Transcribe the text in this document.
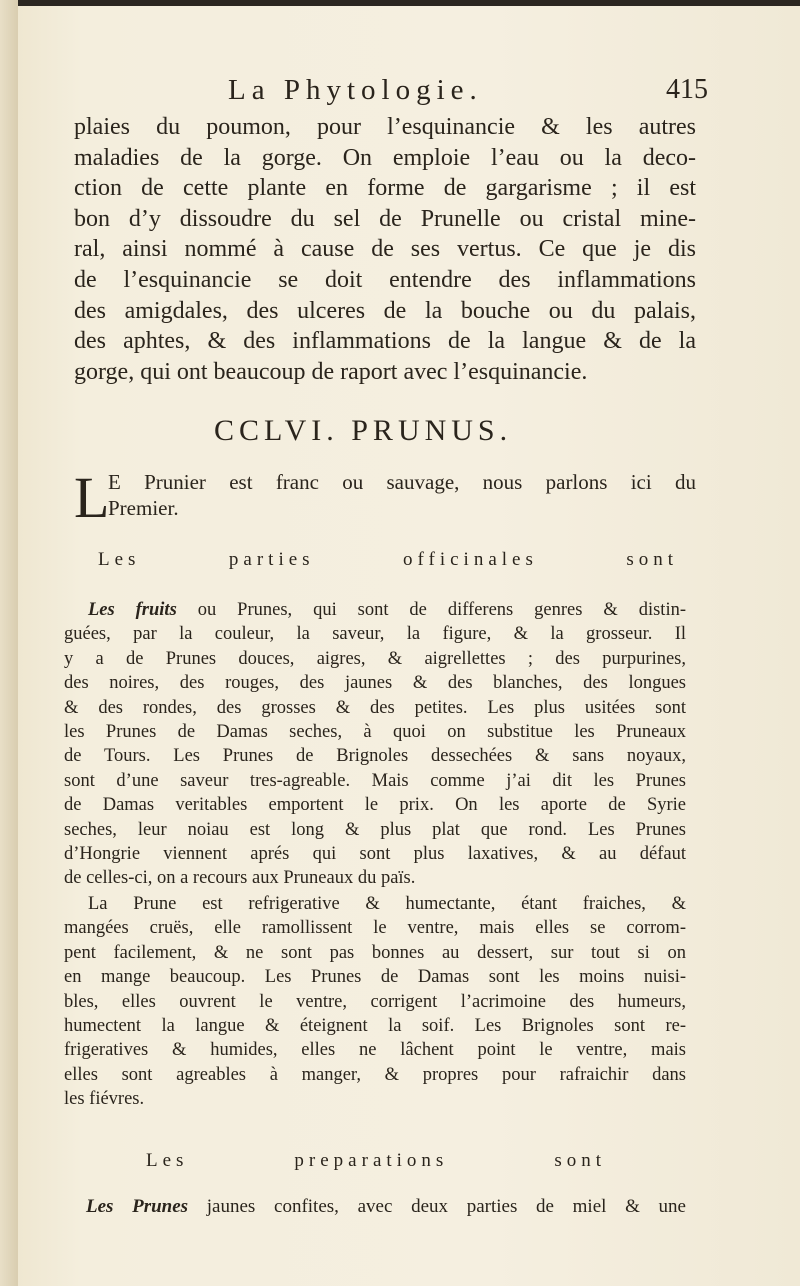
La Phytologie.	415
plaies du poumon, pour l’esquinancie & les autres
maladies de la gorge. On emploie l’eau ou la deco-
ction de cette plante en forme de gargarisme ; il est
bon d’y dissoudre du sel de Prunelle ou cristal mine-
ral, ainsi nommé à cause de ses vertus. Ce que je dis
de l’esquinancie se doit entendre des inflammations
des amigdales, des ulceres de la bouche ou du palais,
des aphtes, & des inflammations de la langue & de la
gorge, qui ont beaucoup de raport avec l’esquinancie.
CCLVI. PRUNUS.
L
E Prunier est franc ou sauvage, nous parlons ici du
Premier.
Les parties officinales sont
Les fruits ou Prunes, qui sont de differens genres & distin-
guées, par la couleur, la saveur, la figure, & la grosseur. Il
y a de Prunes douces, aigres, & aigrellettes ; des purpurines,
des noires, des rouges, des jaunes & des blanches, des longues
& des rondes, des grosses & des petites. Les plus usitées sont
les Prunes de Damas seches, à quoi on substitue les Pruneaux
de Tours. Les Prunes de Brignoles dessechées & sans noyaux,
sont d’une saveur tres-agreable. Mais comme j’ai dit les Prunes
de Damas veritables emportent le prix. On les aporte de Syrie
seches, leur noiau est long & plus plat que rond. Les Prunes
d’Hongrie viennent aprés qui sont plus laxatives, & au défaut
de celles-ci, on a recours aux Pruneaux du païs.
La Prune est refrigerative & humectante, étant fraiches, &
mangées cruës, elle ramollissent le ventre, mais elles se corrom-
pent facilement, & ne sont pas bonnes au dessert, sur tout si on
en mange beaucoup. Les Prunes de Damas sont les moins nuisi-
bles, elles ouvrent le ventre, corrigent l’acrimoine des humeurs,
humectent la langue & éteignent la soif. Les Brignoles sont re-
frigeratives & humides, elles ne lâchent point le ventre, mais
elles sont agreables à manger, & propres pour rafraichir dans
les fiévres.
Les preparations sont
Les Prunes jaunes confites, avec deux parties de miel & une
